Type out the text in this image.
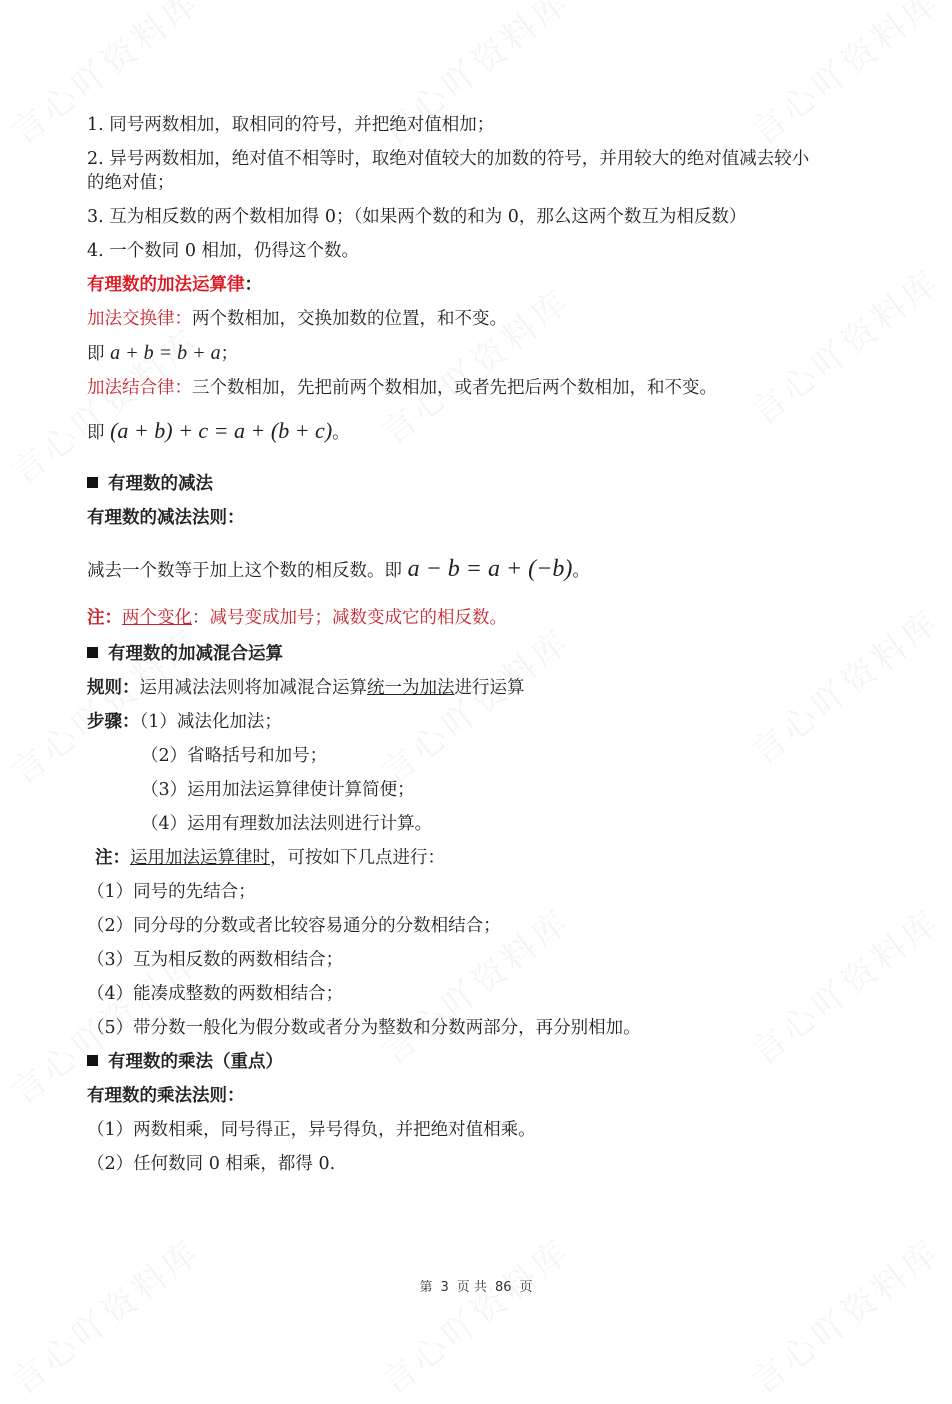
1. 同号两数相加，取相同的符号，并把绝对值相加；

2. 异号两数相加，绝对值不相等时，取绝对值较大的加数的符号，并用较大的绝对值减去较小

的绝对值；

3. 互为相反数的两个数相加得 0；（如果两个数的和为 0，那么这两个数互为相反数）

4. 一个数同 0 相加，仍得这个数。

有理数的加法运算律：

加法交换律：两个数相加，交换加数的位置，和不变。

即 a + b = b + a；

加法结合律：三个数相加，先把前两个数相加，或者先把后两个数相加，和不变。

即 (a + b) + c = a + (b + c)。

有理数的减法

有理数的减法法则：

减去一个数等于加上这个数的相反数。即 a − b = a + (−b)。

注：两个变化：减号变成加号；减数变成它的相反数。

有理数的加减混合运算

规则：运用减法法则将加减混合运算统一为加法进行运算

步骤：（1）减法化加法；

（2）省略括号和加号；

（3）运用加法运算律使计算简便；

（4）运用有理数加法法则进行计算。

注：运用加法运算律时，可按如下几点进行：

（1）同号的先结合；

（2）同分母的分数或者比较容易通分的分数相结合；

（3）互为相反数的两数相结合；

（4）能凑成整数的两数相结合；

（5）带分数一般化为假分数或者分为整数和分数两部分，再分别相加。

有理数的乘法（重点）

有理数的乘法法则：

（1）两数相乘，同号得正，异号得负，并把绝对值相乘。

（2）任何数同 0 相乘，都得 0.

第 3 页 共 86 页
